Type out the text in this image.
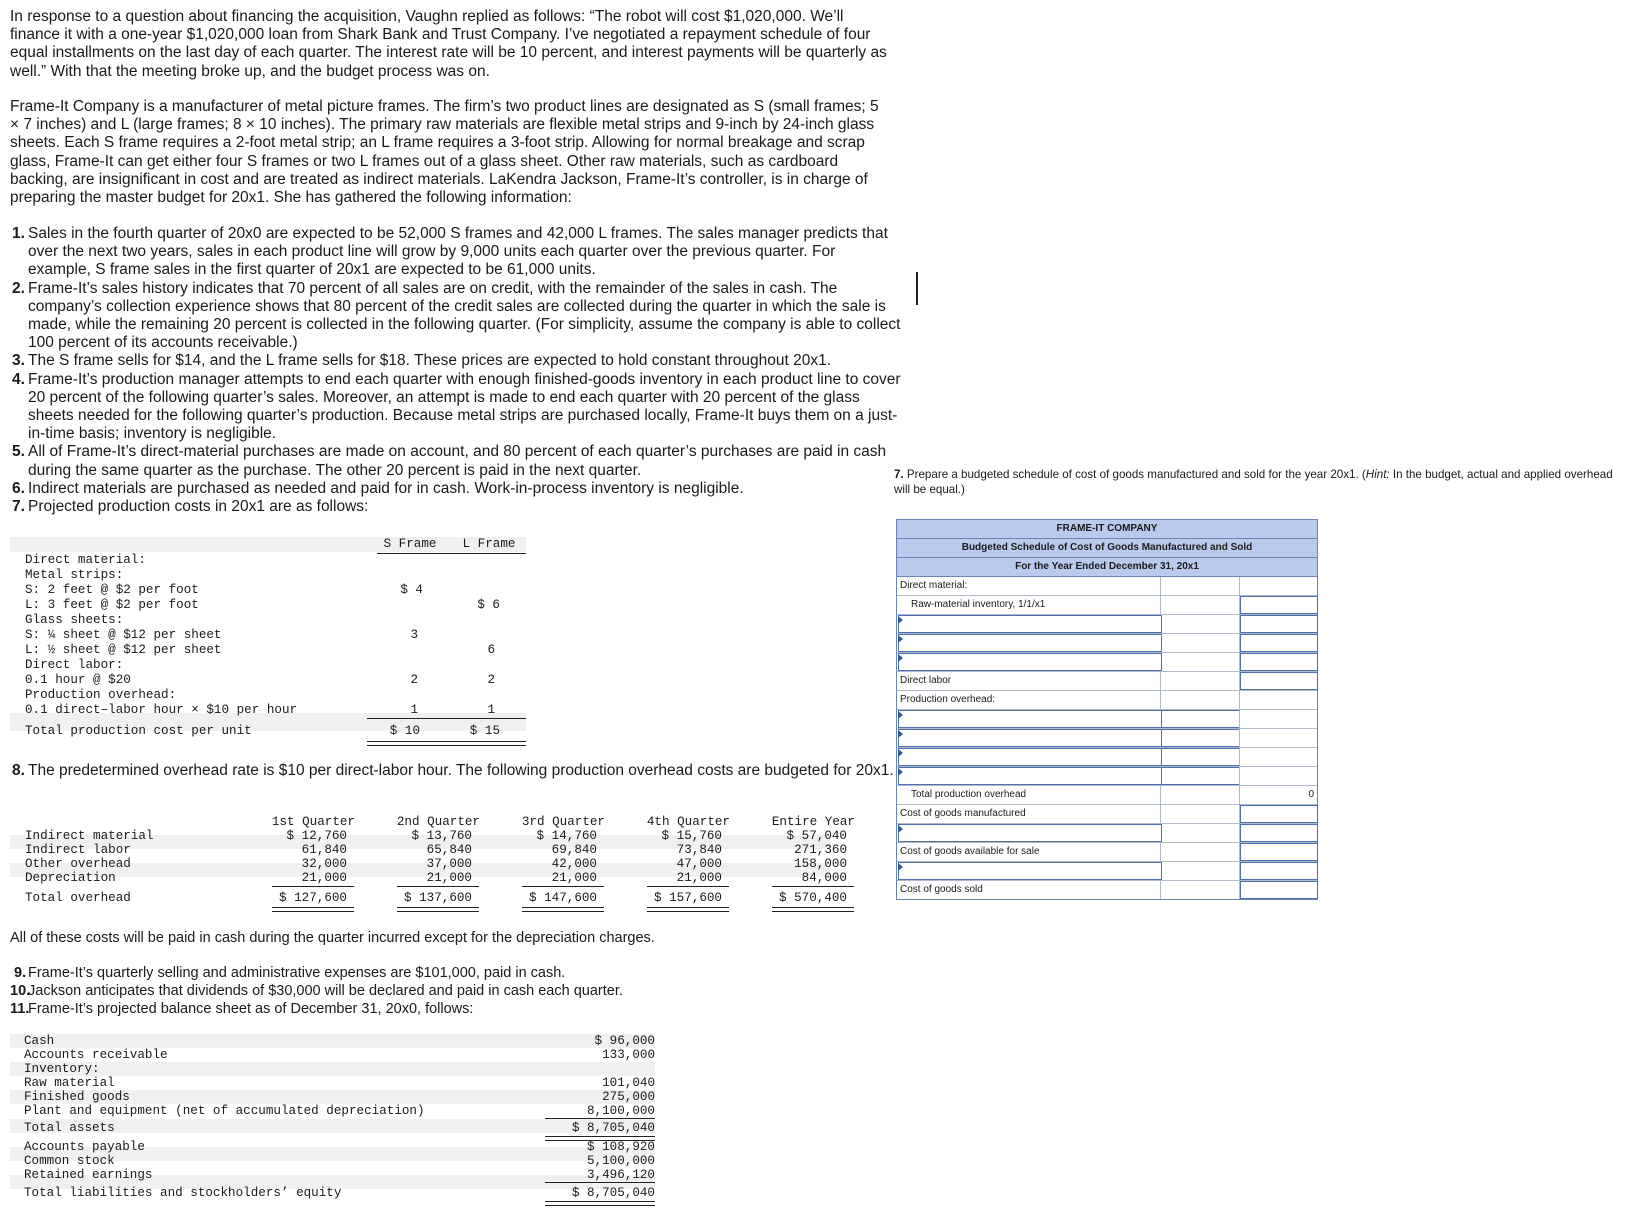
In response to a question about financing the acquisition, Vaughn replied as follows: “The robot will cost $1,020,000. We’ll finance it with a one-year $1,020,000 loan from Shark Bank and Trust Company. I’ve negotiated a repayment schedule of four equal installments on the last day of each quarter. The interest rate will be 10 percent, and interest payments will be quarterly as well.” With that the meeting broke up, and the budget process was on.

Frame-It Company is a manufacturer of metal picture frames. The firm’s two product lines are designated as S (small frames; 5 × 7 inches) and L (large frames; 8 × 10 inches). The primary raw materials are flexible metal strips and 9-inch by 24-inch glass sheets. Each S frame requires a 2-foot metal strip; an L frame requires a 3-foot strip. Allowing for normal breakage and scrap glass, Frame-It can get either four S frames or two L frames out of a glass sheet. Other raw materials, such as cardboard backing, are insignificant in cost and are treated as indirect materials. LaKendra Jackson, Frame-It’s controller, is in charge of preparing the master budget for 20x1. She has gathered the following information:

1. Sales in the fourth quarter of 20x0 are expected to be 52,000 S frames and 42,000 L frames. The sales manager predicts that over the next two years, sales in each product line will grow by 9,000 units each quarter over the previous quarter. For example, S frame sales in the first quarter of 20x1 are expected to be 61,000 units.
2. Frame-It’s sales history indicates that 70 percent of all sales are on credit, with the remainder of the sales in cash. The company’s collection experience shows that 80 percent of the credit sales are collected during the quarter in which the sale is made, while the remaining 20 percent is collected in the following quarter. (For simplicity, assume the company is able to collect 100 percent of its accounts receivable.)
3. The S frame sells for $14, and the L frame sells for $18. These prices are expected to hold constant throughout 20x1.
4. Frame-It’s production manager attempts to end each quarter with enough finished-goods inventory in each product line to cover 20 percent of the following quarter’s sales. Moreover, an attempt is made to end each quarter with 20 percent of the glass sheets needed for the following quarter’s production. Because metal strips are purchased locally, Frame-It buys them on a just-in-time basis; inventory is negligible.
5. All of Frame-It’s direct-material purchases are made on account, and 80 percent of each quarter’s purchases are paid in cash during the same quarter as the purchase. The other 20 percent is paid in the next quarter.
6. Indirect materials are purchased as needed and paid for in cash. Work-in-process inventory is negligible.
7. Projected production costs in 20x1 are as follows:
S Frame	L Frame
Direct material:
Metal strips:
S: 2 feet @ $2 per foot	$ 4
L: 3 feet @ $2 per foot	$ 6
Glass sheets:
S: ¼ sheet @ $12 per sheet	3
L: ½ sheet @ $12 per sheet	6
Direct labor:
0.1 hour @ $20	2	2
Production overhead:
0.1 direct–labor hour × $10 per hour	1	1
Total production cost per unit	$ 10	$ 15
8. The predetermined overhead rate is $10 per direct-labor hour. The following production overhead costs are budgeted for 20x1.
1st Quarter	2nd Quarter	3rd Quarter	4th Quarter	Entire Year
Indirect material	$ 12,760	$ 13,760	$ 14,760	$ 15,760	$ 57,040
Indirect labor	61,840	65,840	69,840	73,840	271,360
Other overhead	32,000	37,000	42,000	47,000	158,000
Depreciation	21,000	21,000	21,000	21,000	84,000
Total overhead	$ 127,600	$ 137,600	$ 147,600	$ 157,600	$ 570,400

All of these costs will be paid in cash during the quarter incurred except for the depreciation charges.

9. Frame-It’s quarterly selling and administrative expenses are $101,000, paid in cash.
10.
Jackson anticipates that dividends of $30,000 will be declared and paid in cash each quarter.
11.
Frame-It’s projected balance sheet as of December 31, 20x0, follows:
Cash	$ 96,000
Accounts receivable	133,000
Inventory:
Raw material	101,040
Finished goods	275,000
Plant and equipment (net of accumulated depreciation)	8,100,000
Total assets	$ 8,705,040
Accounts payable	$ 108,920
Common stock	5,100,000
Retained earnings	3,496,120
Total liabilities and stockholders’ equity	$ 8,705,040
7. Prepare a budgeted schedule of cost of goods manufactured and sold for the year 20x1. (Hint: In the budget, actual and applied overhead will be equal.)
FRAME-IT COMPANY
Budgeted Schedule of Cost of Goods Manufactured and Sold
For the Year Ended December 31, 20x1
Direct material:
Raw-material inventory, 1/1/x1
Direct labor
Production overhead:
Total production overhead	0
Cost of goods manufactured
Cost of goods available for sale
Cost of goods sold
